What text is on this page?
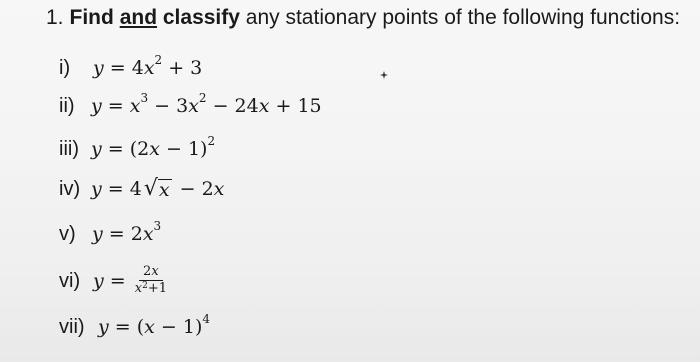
1. Find and classify any stationary points of the following functions:
i)	y = 4 $x^2 + 3$
ii) $y = x^3 - 3$ $x^2 - 24$ x + 15
iii) y = (2 x − 1)$^2$
iv) y = 4 √ x − 2 x
v) y = 2 $x^3$
vi) $y = \frac{2x}{x^2+1}$
vii) y = ( x − 1)$^4$
